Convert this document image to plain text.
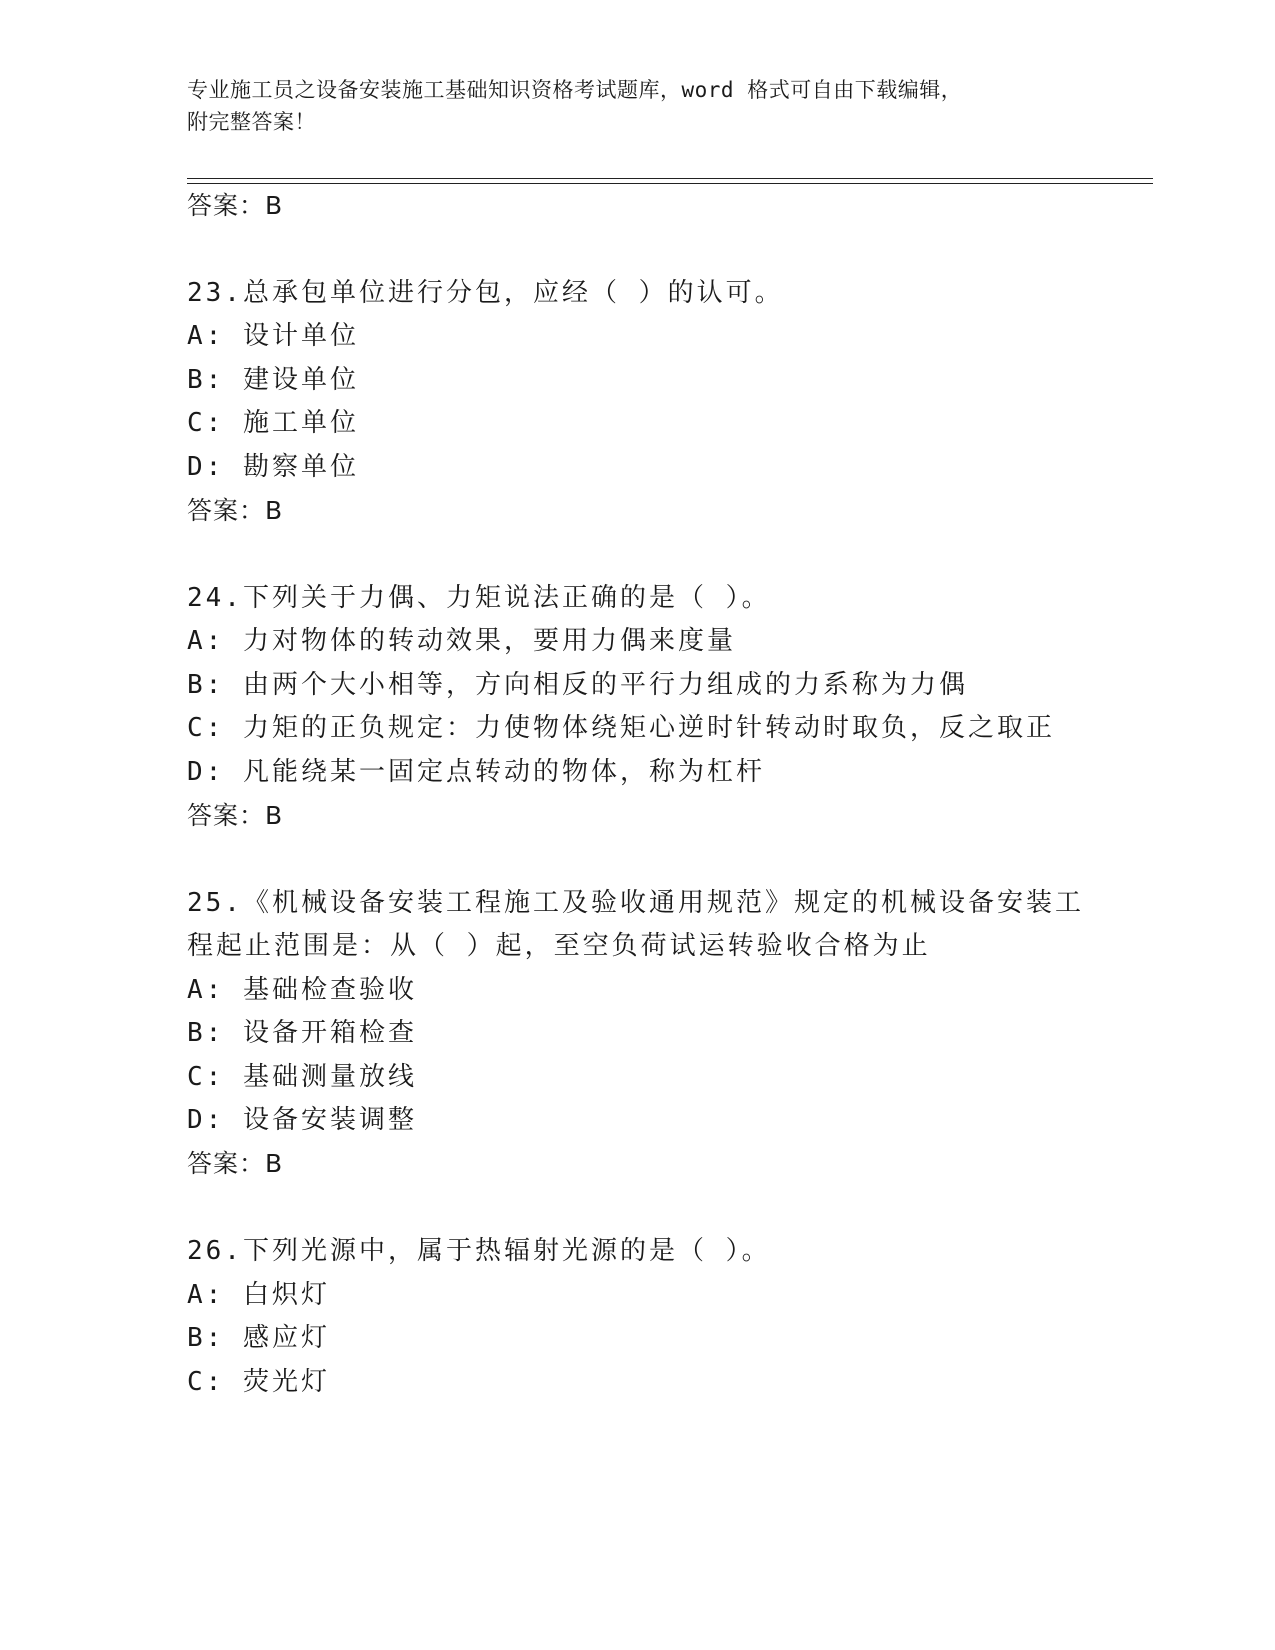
专业施工员之设备安装施工基础知识资格考试题库，word 格式可自由下载编辑，
附完整答案！
答案：B
23.总承包单位进行分包，应经（ ）的认可。
A: 设计单位
B: 建设单位
C: 施工单位
D: 勘察单位
答案：B
24.下列关于力偶、力矩说法正确的是（ ）。
A: 力对物体的转动效果，要用力偶来度量
B: 由两个大小相等，方向相反的平行力组成的力系称为力偶
C: 力矩的正负规定：力使物体绕矩心逆时针转动时取负，反之取正
D: 凡能绕某一固定点转动的物体，称为杠杆
答案：B
25.《机械设备安装工程施工及验收通用规范》规定的机械设备安装工
程起止范围是：从（ ）起，至空负荷试运转验收合格为止
A: 基础检查验收
B: 设备开箱检查
C: 基础测量放线
D: 设备安装调整
答案：B
26.下列光源中，属于热辐射光源的是（ ）。
A: 白炽灯
B: 感应灯
C: 荧光灯
